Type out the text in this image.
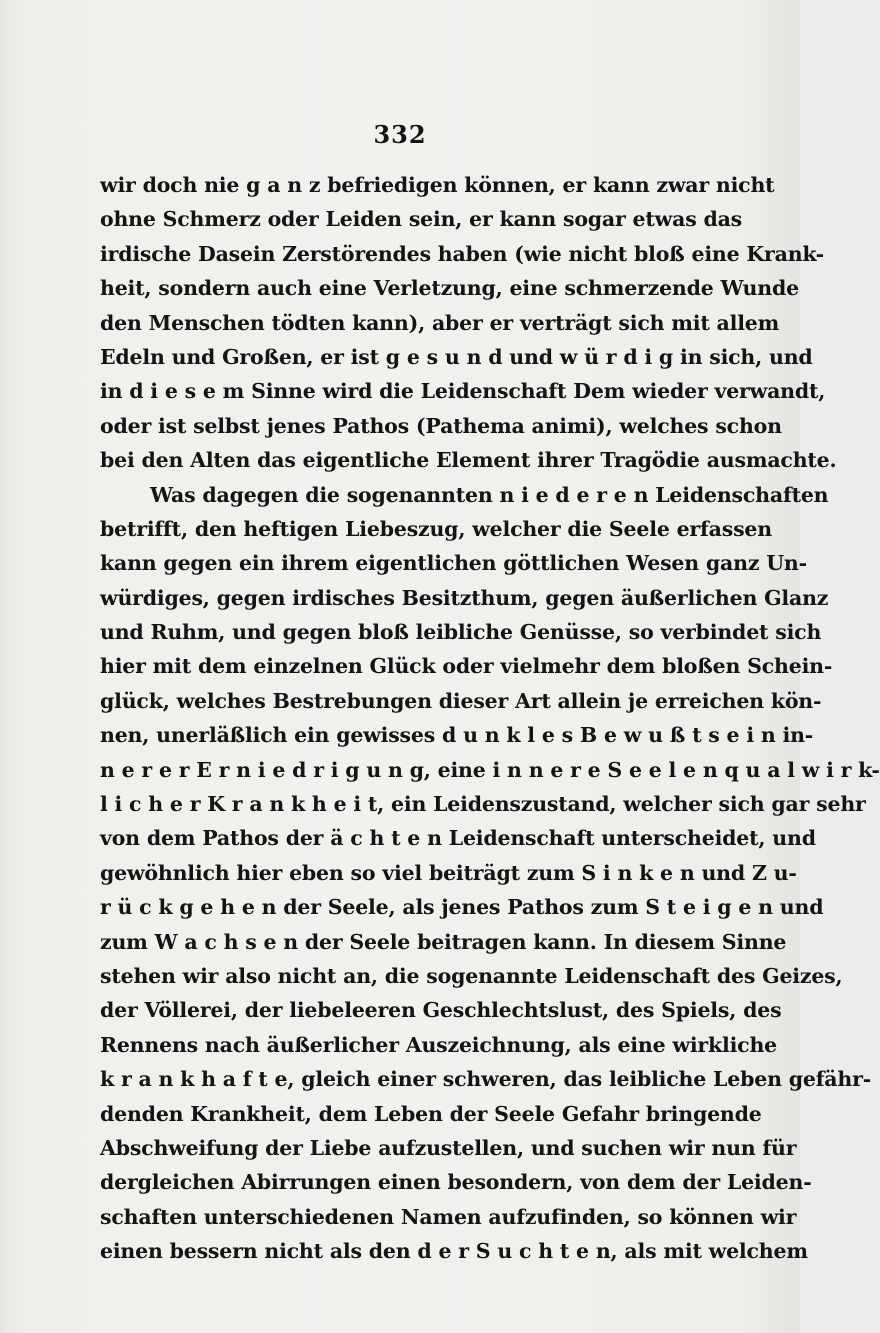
332
wir doch nie g a n z befriedigen können, er kann zwar nicht
ohne Schmerz oder Leiden sein, er kann sogar etwas das
irdische Dasein Zerstörendes haben (wie nicht bloß eine Krank-
heit, sondern auch eine Verletzung, eine schmerzende Wunde
den Menschen tödten kann), aber er verträgt sich mit allem
Edeln und Großen, er ist g e s u n d und w ü r d i g in sich, und
in d i e s e m Sinne wird die Leidenschaft Dem wieder verwandt,
oder ist selbst jenes Pathos (Pathema animi), welches schon
bei den Alten das eigentliche Element ihrer Tragödie ausmachte.
Was dagegen die sogenannten n i e d e r e n Leidenschaften
betrifft, den heftigen Liebeszug, welcher die Seele erfassen
kann gegen ein ihrem eigentlichen göttlichen Wesen ganz Un-
würdiges, gegen irdisches Besitzthum, gegen äußerlichen Glanz
und Ruhm, und gegen bloß leibliche Genüsse, so verbindet sich
hier mit dem einzelnen Glück oder vielmehr dem bloßen Schein-
glück, welches Bestrebungen dieser Art allein je erreichen kön-
nen, unerläßlich ein gewisses d u n k l e s B e w u ß t s e i n in-
n e r e r E r n i e d r i g u n g, eine i n n e r e S e e l e n q u a l w i r k-
l i c h e r K r a n k h e i t, ein Leidenszustand, welcher sich gar sehr
von dem Pathos der ä c h t e n Leidenschaft unterscheidet, und
gewöhnlich hier eben so viel beiträgt zum S i n k e n und Z u-
r ü c k g e h e n der Seele, als jenes Pathos zum S t e i g e n und
zum W a c h s e n der Seele beitragen kann. In diesem Sinne
stehen wir also nicht an, die sogenannte Leidenschaft des Geizes,
der Völlerei, der liebeleeren Geschlechtslust, des Spiels, des
Rennens nach äußerlicher Auszeichnung, als eine wirkliche
k r a n k h a f t e, gleich einer schweren, das leibliche Leben gefähr-
denden Krankheit, dem Leben der Seele Gefahr bringende
Abschweifung der Liebe aufzustellen, und suchen wir nun für
dergleichen Abirrungen einen besondern, von dem der Leiden-
schaften unterschiedenen Namen aufzufinden, so können wir
einen bessern nicht als den d e r S u c h t e n, als mit welchem
